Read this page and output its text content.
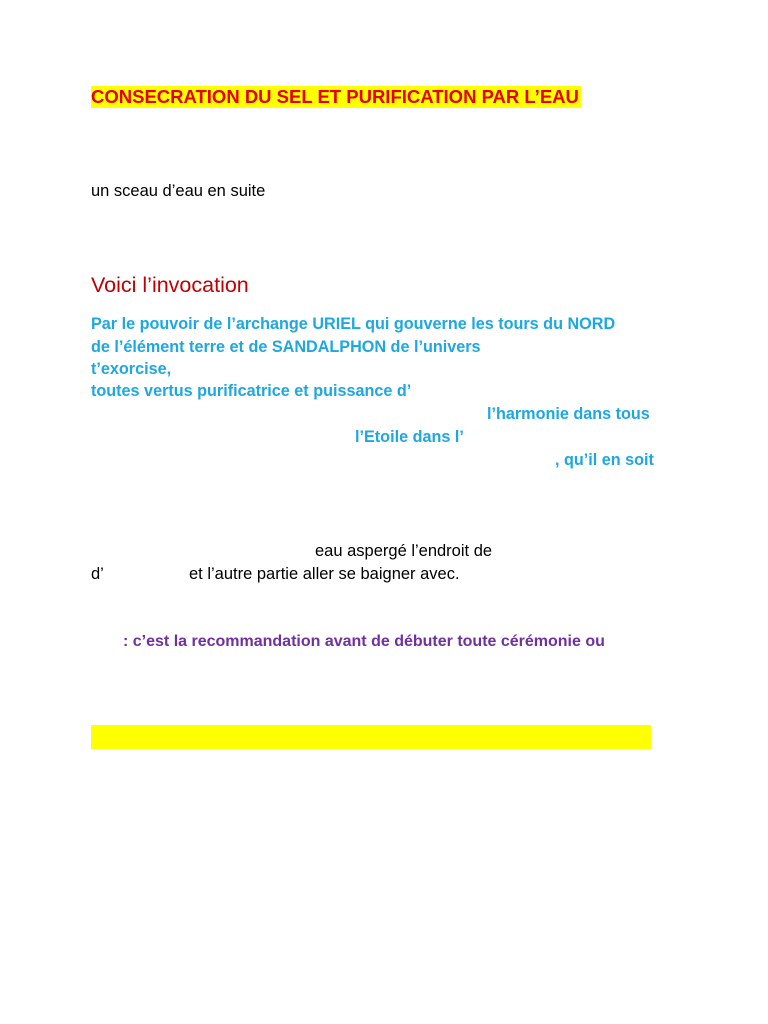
CONSECRATION DU SEL ET PURIFICATION PAR L’EAU
un sceau d’eau en suite
Voici l’invocation
Par le pouvoir de l’archange URIEL qui gouverne les tours du NORD
de l’élément terre et de SANDALPHON de l’univers
t’exorcise,
toutes vertus purificatrice et puissance d’
l’harmonie dans tous
l’Etoile dans l’
, qu’il en soit
eau aspergé l’endroit de
d’	et l’autre partie aller se baigner avec.
: c’est la recommandation avant de débuter toute cérémonie ou
